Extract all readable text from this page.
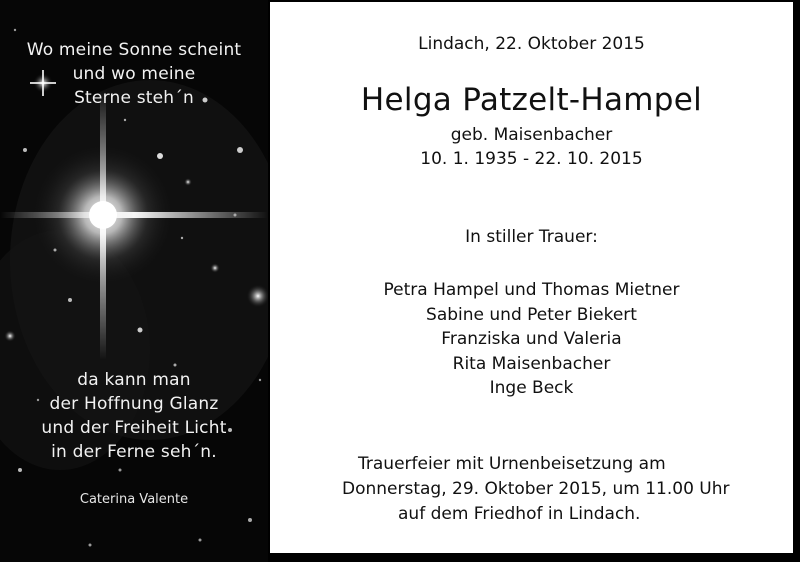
Wo meine Sonne scheint
und wo meine
Sterne steh´n
da kann man
der Hoffnung Glanz
und der Freiheit Licht
in der Ferne seh´n.
Caterina Valente
Lindach, 22. Oktober 2015
Helga Patzelt-Hampel
geb. Maisenbacher
10. 1. 1935 - 22. 10. 2015
In stiller Trauer:
Petra Hampel und Thomas Mietner
Sabine und Peter Biekert
Franziska und Valeria
Rita Maisenbacher
Inge Beck
Trauerfeier mit Urnenbeisetzung am
Donnerstag, 29. Oktober 2015, um 11.00 Uhr
auf dem Friedhof in Lindach.
